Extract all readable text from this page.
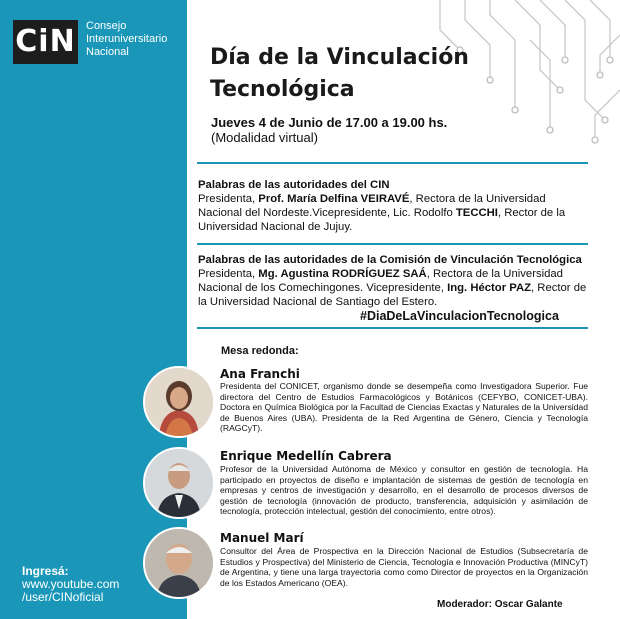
CiN Consejo
Interuniversitario
Nacional	Día de la Vinculación
Tecnológica
Jueves 4 de Junio de 17.00 a 19.00 hs.
(Modalidad virtual)
Palabras de las autoridades del CIN
Presidenta, Prof. María Delfina VEIRAVÉ, Rectora de la Universidad Nacional del Nordeste.Vicepresidente, Lic. Rodolfo TECCHI, Rector de la Universidad Nacional de Jujuy.
Palabras de las autoridades de la Comisión de Vinculación Tecnológica
Presidenta, Mg. Agustina RODRÍGUEZ SAÁ, Rectora de la Universidad Nacional de los Comechingones. Vicepresidente, Ing. Héctor PAZ, Rector de la Universidad Nacional de Santiago del Estero.
#DiaDeLaVinculacionTecnologica
Mesa redonda:
Ana Franchi
Presidenta del CONICET, organismo donde se desempeña como Investigadora Superior. Fue directora del Centro de Estudios Farmacológicos y Botánicos (CEFYBO, CONICET-UBA). Doctora en Química Biológica por la Facultad de Ciencias Exactas y Naturales de la Universidad de Buenos Aires (UBA). Presidenta de la Red Argentina de Género, Ciencia y Tecnología (RAGCyT).
Enrique Medellín Cabrera
Profesor de la Universidad Autónoma de México y consultor en gestión de tecnología. Ha participado en proyectos de diseño e implantación de sistemas de gestión de tecnología en empresas y centros de investigación y desarrollo, en el desarrollo de procesos diversos de gestión de tecnología (innovación de producto, transferencia, adquisición y asimilación de tecnología, protección intelectual, gestión del conocimiento, entre otros).
Manuel Marí
Consultor del Área de Prospectiva en la Dirección Nacional de Estudios (Subsecretaría de Estudios y Prospectiva) del Ministerio de Ciencia, Tecnología e Innovación Productiva (MINCyT) de Argentina, y tiene una larga trayectoria como como Director de proyectos en la Organización de los Estados Americano (OEA).
Ingresá:
www.youtube.com
/user/CINoficial
Moderador: Oscar Galante
